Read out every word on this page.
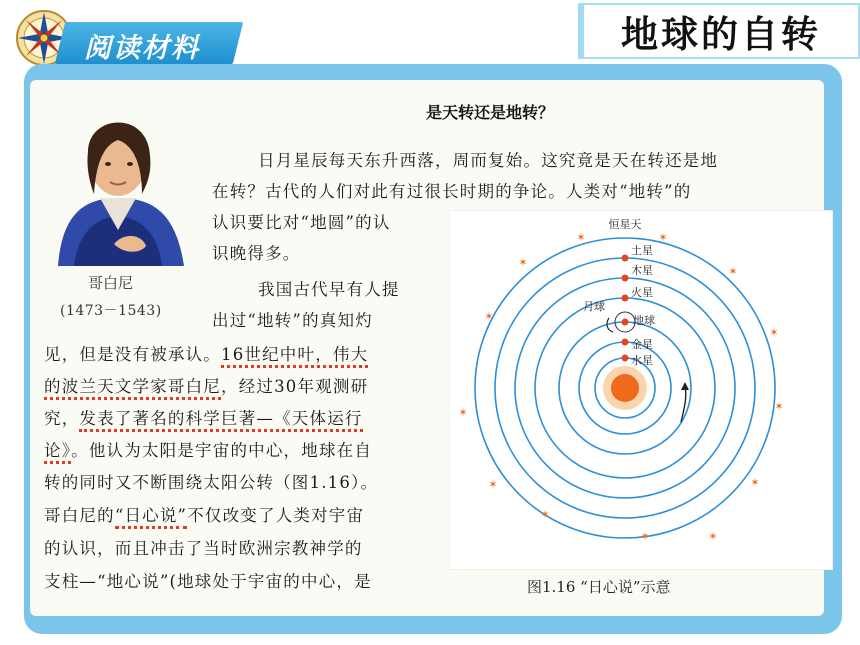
阅读材料	地球的自转
哥白尼
(1473－1543)
是天转还是地转？
日月星辰每天东升西落，周而复始。这究竟是天在转还是地
在转？古代的人们对此有过很长时期的争论。人类对“地转”的
认识要比对“地圆”的认
识晚得多。
我国古代早有人提
出过“地转”的真知灼
见，但是没有被承认。16世纪中叶，伟大
的波兰天文学家哥白尼，经过30年观测研
究，发表了著名的科学巨著—《天体运行
论》。他认为太阳是宇宙的中心，地球在自
转的同时又不断围绕太阳公转（图1.16）。
哥白尼的“日心说”不仅改变了人类对宇宙
的认识，而且冲击了当时欧洲宗教神学的
支柱—“地心说”(地球处于宇宙的中心，是
✶	✶
✶
✶
✶
✶
✶
✶
✶
✶
✶
✶
✶
恒星天
土星
木星
火星
月球
地球
金星
水星
图1.16 “日心说”示意
